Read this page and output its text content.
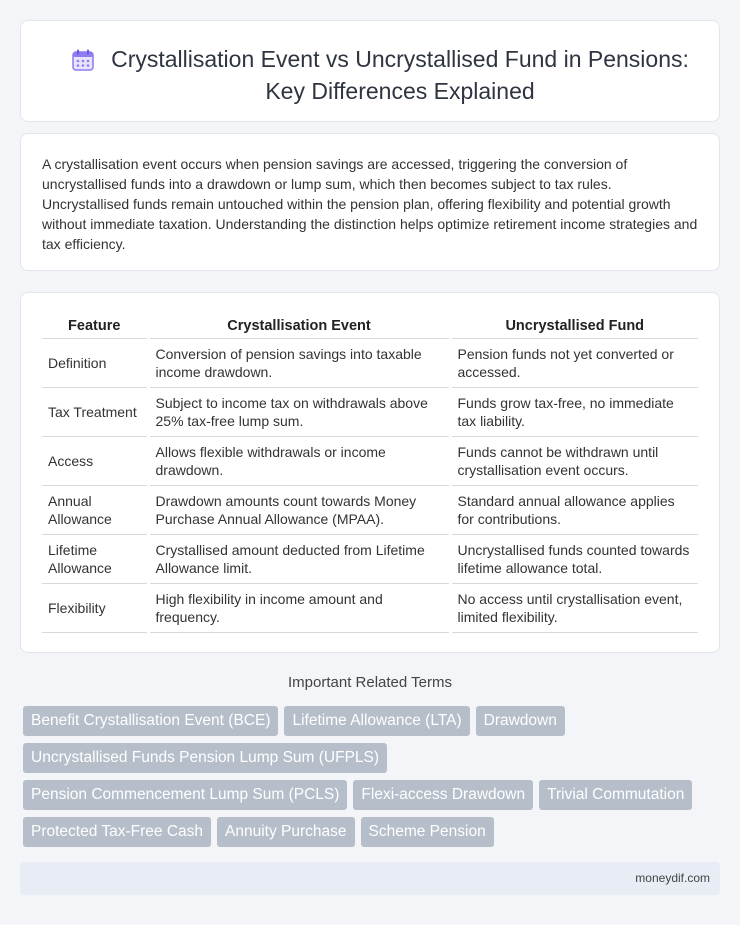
Crystallisation Event vs Uncrystallised Fund in Pensions: Key Differences Explained

A crystallisation event occurs when pension savings are accessed, triggering the conversion of uncrystallised funds into a drawdown or lump sum, which then becomes subject to tax rules. Uncrystallised funds remain untouched within the pension plan, offering flexibility and potential growth without immediate taxation. Understanding the distinction helps optimize retirement income strategies and tax efficiency.

Feature	Crystallisation Event	Uncrystallised Fund
Definition	Conversion of pension savings into taxable income drawdown.	Pension funds not yet converted or accessed.
Tax Treatment	Subject to income tax on withdrawals above 25% tax-free lump sum.	Funds grow tax-free, no immediate tax liability.
Access	Allows flexible withdrawals or income drawdown.	Funds cannot be withdrawn until crystallisation event occurs.
Annual Allowance	Drawdown amounts count towards Money Purchase Annual Allowance (MPAA).	Standard annual allowance applies for contributions.
Lifetime Allowance	Crystallised amount deducted from Lifetime Allowance limit.	Uncrystallised funds counted towards lifetime allowance total.
Flexibility	High flexibility in income amount and frequency.	No access until crystallisation event, limited flexibility.
Important Related Terms
Benefit Crystallisation Event (BCE)	Lifetime Allowance (LTA)	Drawdown
Uncrystallised Funds Pension Lump Sum (UFPLS)
Pension Commencement Lump Sum (PCLS)	Flexi-access Drawdown	Trivial Commutation
Protected Tax-Free Cash	Annuity Purchase	Scheme Pension
moneydif.com
